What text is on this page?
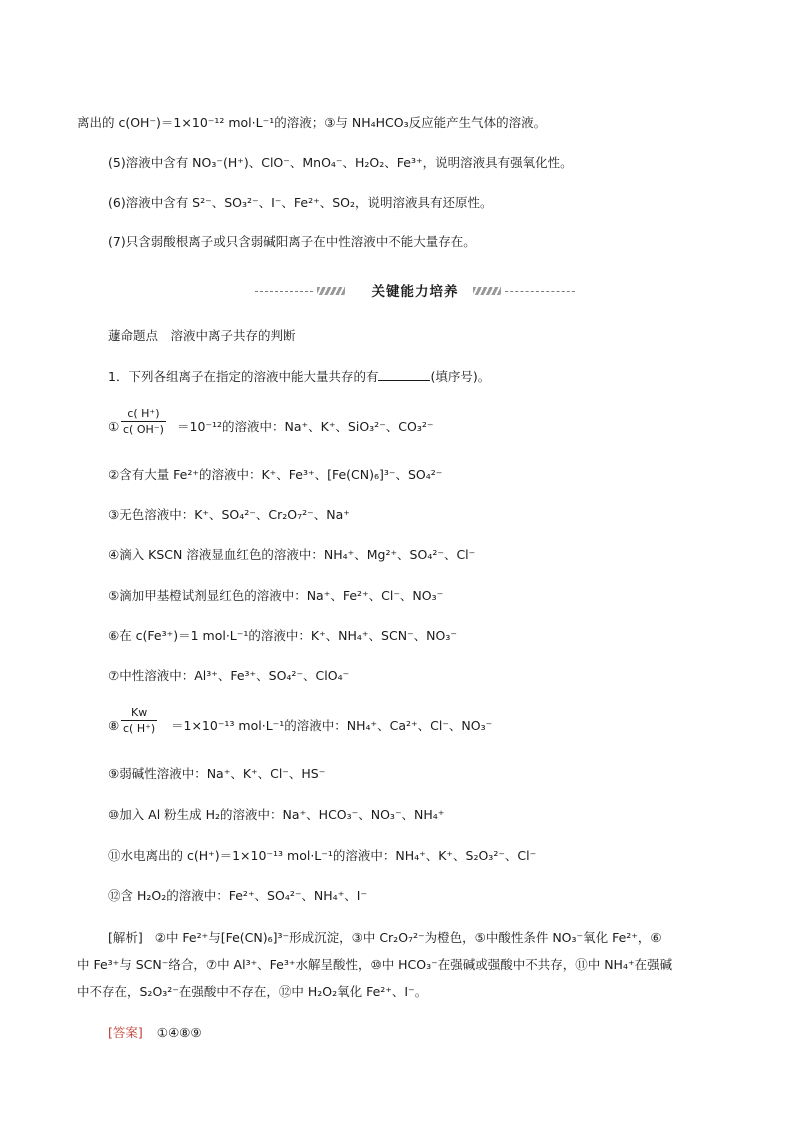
离出的 c(OH⁻)＝1×10⁻¹² mol·L⁻¹的溶液；③与 NH₄HCO₃反应能产生气体的溶液。
(5)溶液中含有 NO₃⁻(H⁺)、ClO⁻、MnO₄⁻、H₂O₂、Fe³⁺，说明溶液具有强氧化性。
(6)溶液中含有 S²⁻、SO₃²⁻、I⁻、Fe²⁺、SO₂，说明溶液具有还原性。
(7)只含弱酸根离子或只含弱碱阳离子在中性溶液中不能大量存在。
关键能力培养
蘧命题点　溶液中离子共存的判断
1．下列各组离子在指定的溶液中能大量共存的有	(填序号)。
①
c( H⁺)
c( OH⁻) ＝10⁻¹²的溶液中：Na⁺、K⁺、SiO₃²⁻、CO₃²⁻
②含有大量 Fe²⁺的溶液中：K⁺、Fe³⁺、[Fe(CN)₆]³⁻、SO₄²⁻
③无色溶液中：K⁺、SO₄²⁻、Cr₂O₇²⁻、Na⁺
④滴入 KSCN 溶液显血红色的溶液中：NH₄⁺、Mg²⁺、SO₄²⁻、Cl⁻
⑤滴加甲基橙试剂显红色的溶液中：Na⁺、Fe²⁺、Cl⁻、NO₃⁻
⑥在 c(Fe³⁺)＝1 mol·L⁻¹的溶液中：K⁺、NH₄⁺、SCN⁻、NO₃⁻
⑦中性溶液中：Al³⁺、Fe³⁺、SO₄²⁻、ClO₄⁻
⑧
Kw
c( H⁺) ＝1×10⁻¹³ mol·L⁻¹的溶液中：NH₄⁺、Ca²⁺、Cl⁻、NO₃⁻
⑨弱碱性溶液中：Na⁺、K⁺、Cl⁻、HS⁻
⑩加入 Al 粉生成 H₂的溶液中：Na⁺、HCO₃⁻、NO₃⁻、NH₄⁺
⑪水电离出的 c(H⁺)＝1×10⁻¹³ mol·L⁻¹的溶液中：NH₄⁺、K⁺、S₂O₃²⁻、Cl⁻
⑫含 H₂O₂的溶液中：Fe²⁺、SO₄²⁻、NH₄⁺、I⁻
[解析] ②中 Fe²⁺与[Fe(CN)₆]³⁻形成沉淀，③中 Cr₂O₇²⁻为橙色，⑤中酸性条件 NO₃⁻氧化 Fe²⁺，⑥
中 Fe³⁺与 SCN⁻络合，⑦中 Al³⁺、Fe³⁺水解呈酸性，⑩中 HCO₃⁻在强碱或强酸中不共存，⑪中 NH₄⁺在强碱
中不存在，S₂O₃²⁻在强酸中不存在，⑫中 H₂O₂氧化 Fe²⁺、I⁻。
[答案] ①④⑧⑨
